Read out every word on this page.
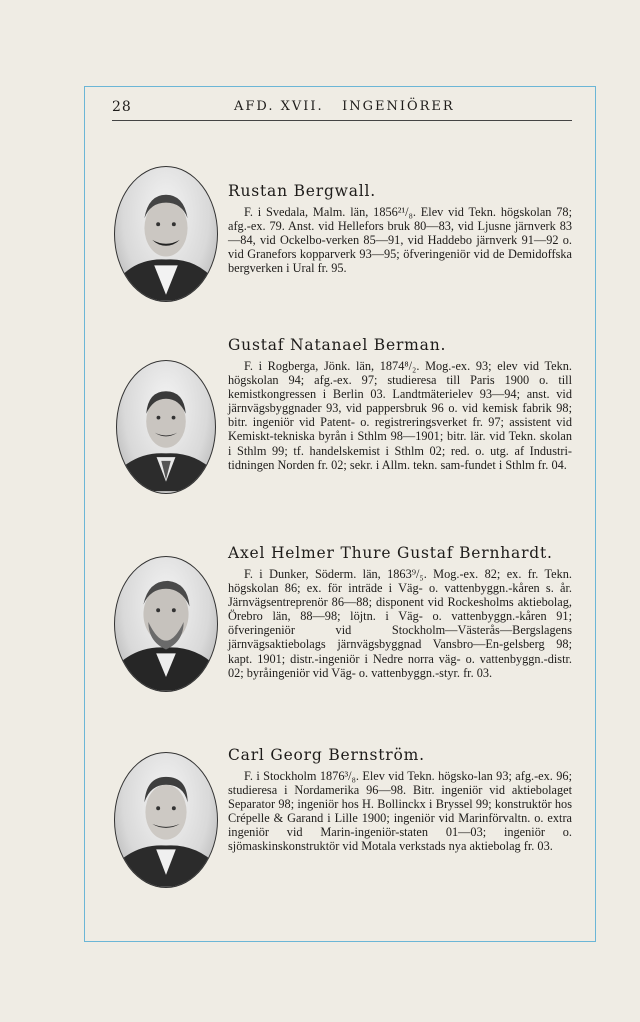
28	AFD. XVII.   INGENIÖRER
Rustan Bergwall.

F. i Svedala, Malm. län, 1856²¹/₈. Elev vid Tekn. högskolan 78; afg.-ex. 79. Anst. vid Hellefors bruk 80—83, vid Ljusne järnverk 83—84, vid Ockelbo-verken 85—91, vid Haddebo järnverk 91—92 o. vid Granefors kopparverk 93—95; öfveringeniör vid de Demidoffska bergverken i Ural fr. 95.

Gustaf Natanael Berman.

F. i Rogberga, Jönk. län, 1874⁸/₂. Mog.-ex. 93; elev vid Tekn. högskolan 94; afg.-ex. 97; studieresa till Paris 1900 o. till kemistkongressen i Berlin 03. Landtmäterielev 93—94; anst. vid järnvägsbyggnader 93, vid pappersbruk 96 o. vid kemisk fabrik 98; bitr. ingeniör vid Patent- o. registreringsverket fr. 97; assistent vid Kemiskt-tekniska byrån i Sthlm 98—1901; bitr. lär. vid Tekn. skolan i Sthlm 99; tf. handelskemist i Sthlm 02; red. o. utg. af Industri-tidningen Norden fr. 02; sekr. i Allm. tekn. sam-fundet i Sthlm fr. 04.

Axel Helmer Thure Gustaf Bernhardt.

F. i Dunker, Söderm. län, 1863⁹/₅. Mog.-ex. 82; ex. fr. Tekn. högskolan 86; ex. för inträde i Väg- o. vattenbyggn.-kåren s. år. Järnvägsentreprenör 86—88; disponent vid Rockesholms aktiebolag, Örebro län, 88—98; löjtn. i Väg- o. vattenbyggn.-kåren 91; öfveringeniör vid Stockholm—Västerås—Bergslagens järnvägsaktiebolags järnvägsbyggnad Vansbro—En-gelsberg 98; kapt. 1901; distr.-ingeniör i Nedre norra väg- o. vattenbyggn.-distr. 02; byråingeniör vid Väg- o. vattenbyggn.-styr. fr. 03.

Carl Georg Bernström.

F. i Stockholm 1876³/₈. Elev vid Tekn. högsko-lan 93; afg.-ex. 96; studieresa i Nordamerika 96—98. Bitr. ingeniör vid aktiebolaget Separator 98; ingeniör hos H. Bollinckx i Bryssel 99; konstruktör hos Crépelle & Garand i Lille 1900; ingeniör vid Marinförvaltn. o. extra ingeniör vid Marin-ingeniör-staten 01—03; ingeniör o. sjömaskinskonstruktör vid Motala verkstads nya aktiebolag fr. 03.
